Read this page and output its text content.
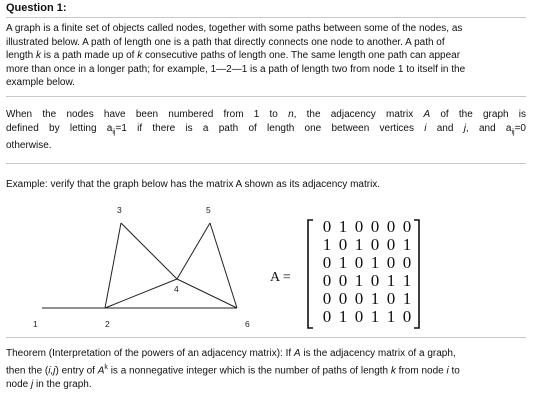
Question 1:
A graph is a finite set of objects called nodes, together with some paths between some of the nodes, as
illustrated below. A path of length one is a path that directly connects one node to another. A path of
length k is a path made up of k consecutive paths of length one. The same length one path can appear
more than once in a longer path; for example, 1—2—1 is a path of length two from node 1 to itself in the
example below.
When the nodes have been numbered from 1 to n, the adjacency matrix A of the graph is
defined by letting $a_{ij}=1$ if there is a path of length one between vertices i and j, and $a_{ij}=0$
otherwise.
Example: verify that the graph below has the matrix A shown as its adjacency matrix.
1	2
3
4
5
6
A =
0 1 0 0 0 0
1 0 1 0 0 1
0 1 0 1 0 0
0 0 1 0 1 1
0 0 0 1 0 1
0 1 0 1 1 0
Theorem (Interpretation of the powers of an adjacency matrix): If A is the adjacency matrix of a graph,
then the (i,j) entry of $A^k$ is a nonnegative integer which is the number of paths of length k from node i to
node j in the graph.
